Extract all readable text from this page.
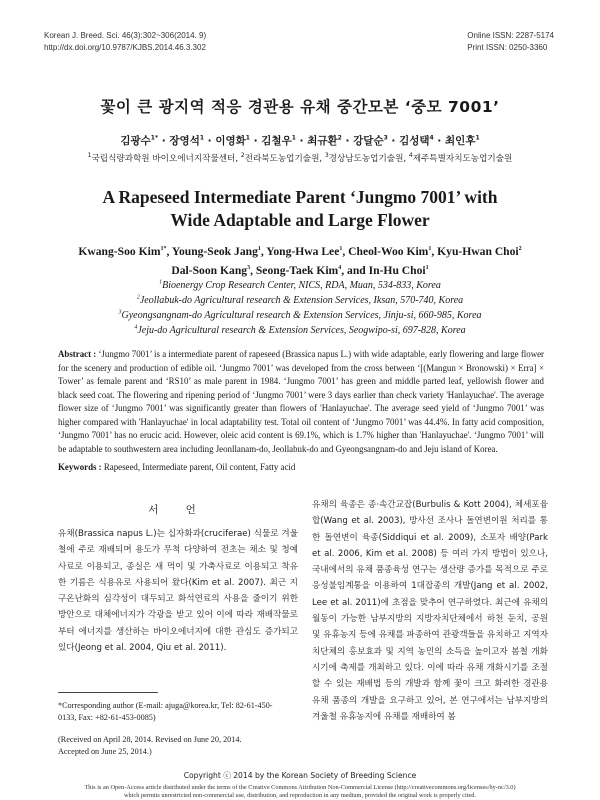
Korean J. Breed. Sci. 46(3):302~306(2014. 9)
http://dx.doi.org/10.9787/KJBS.2014.46.3.302
Online ISSN: 2287-5174
Print ISSN: 0250-3360
꽃이 큰 광지역 적응 경관용 유채 중간모본 ‘중모 7001’
김광수$^{1*}$ · 장영석$^1$ · 이영화$^1$ · 김철우$^1$ · 최규환$^2$ · 강달순$^3$ · 김성택$^4$ · 최인후$^1$
$^1$국립식량과학원 바이오에너지작물센터, $^2$전라북도농업기술원, $^3$경상남도농업기술원, $^4$제주특별자치도농업기술원
A Rapeseed Intermediate Parent ‘Jungmo 7001’ with
Wide Adaptable and Large Flower
Kwang-Soo Kim$^{1*}$, Young-Seok Jang$^1$, Yong-Hwa Lee$^1$, Cheol-Woo Kim$^1$, Kyu-Hwan Choi$^2$
Dal-Soon Kang$^3$, Seong-Taek Kim$^4$, and In-Hu Choi$^1$
$^1$Bioenergy Crop Research Center, NICS, RDA, Muan, 534-833, Korea
$^2$Jeollabuk-do Agricultural research & Extension Services, Iksan, 570-740, Korea
$^3$Gyeongsangnam-do Agricultural research & Extension Services, Jinju-si, 660-985, Korea
$^4$Jeju-do Agricultural research & Extension Services, Seogwipo-si, 697-828, Korea
Abstract : ‘Jungmo 7001’ is a intermediate parent of rapeseed (Brassica napus L.) with wide adaptable, early flowering and large flower for the scenery and production of edible oil. ‘Jungmo 7001’ was developed from the cross between ‘[(Mangun × Bronowski) × Erra] × Tower’ as female parent and ‘RS10’ as male parent in 1984. ‘Jungmo 7001’ has green and middle parted leaf, yellowish flower and black seed coat. The flowering and ripening period of ‘Jungmo 7001’ were 3 days earlier than check variety 'Hanlayuchae'. The average flower size of ‘Jungmo 7001’ was significantly greater than flowers of 'Hanlayuchae'. The average seed yield of ‘Jungmo 7001’ was higher compared with 'Hanlayuchae' in local adaptability test. Total oil content of ‘Jungmo 7001’ was 44.4%. In fatty acid composition, ‘Jungmo 7001’ has no erucic acid. However, oleic acid content is 69.1%, which is 1.7% higher than 'Hanlayuchae'. ‘Jungmo 7001’ will be adaptable to southwestern area including Jeonllanam-do, Jeollabuk-do and Gyeongsangnam-do and Jeju island of Korea.
Keywords : Rapeseed, Intermediate parent, Oil content, Fatty acid
서 언
유채(Brassica napus L.)는 십자화과(cruciferae) 식물로 겨울철에 주로 재배되며 용도가 무척 다양하여 전초는 채소 및 청예사료로 이용되고, 종실은 새 먹이 및 가축사료로 이용되고 착유한 기름은 식용유로 사용되어 왔다(Kim et al. 2007). 최근 지구온난화의 심각성이 대두되고 화석연료의 사용을 줄이기 위한 방안으로 대체에너지가 각광을 받고 있어 이에 따라 재배작물로부터 에너지를 생산하는 바이오에너지에 대한 관심도 증가되고 있다(Jeong et al. 2004, Qiu et al. 2011).
유채의 육종은 종·속간교잡(Burbulis & Kott 2004), 체세포융합(Wang et al. 2003), 방사선 조사나 돌연변이원 처리를 통한 돌연변이 육종(Siddiqui et al. 2009), 소포자 배양(Park et al. 2006, Kim et al. 2008) 등 여러 가지 방법이 있으나, 국내에서의 유채 품종육성 연구는 생산량 증가를 목적으로 주로 응성불임계통을 이용하여 1대잡종의 개발(Jang et al. 2002, Lee et al. 2011)에 초점을 맞추어 연구하였다. 최근에 유채의 월동이 가능한 남부지방의 지방자치단체에서 하천 둔치, 공원 및 유휴농지 등에 유채를 파종하여 관광객들을 유치하고 지역자치단체의 홍보효과 및 지역 농민의 소득을 높이고자 봄철 개화시기에 축제를 개최하고 있다. 이에 따라 유채 개화시기를 조절할 수 있는 재배법 등의 개발과 함께 꽃이 크고 화려한 경관용 유채 품종의 개발을 요구하고 있어, 본 연구에서는 남부지방의 겨울철 유휴농지에 유채를 재배하여 봄
*Corresponding author (E-mail: ajuga@korea.kr, Tel: 82-61-450-
0133, Fax: +82-61-453-0085)
(Received on April 28, 2014. Revised on June 20, 2014.
Accepted on June 25, 2014.)
Copyright ⓒ 2014 by the Korean Society of Breeding Science
This is an Open-Access article distributed under the terms of the Creative Commons Attribution Non-Commercial License (http://creativecommons.org/licenses/by-nc/3.0)
which permits unrestricted non-commercial use, distribution, and reproduction in any medium, provided the original work is properly cited.
